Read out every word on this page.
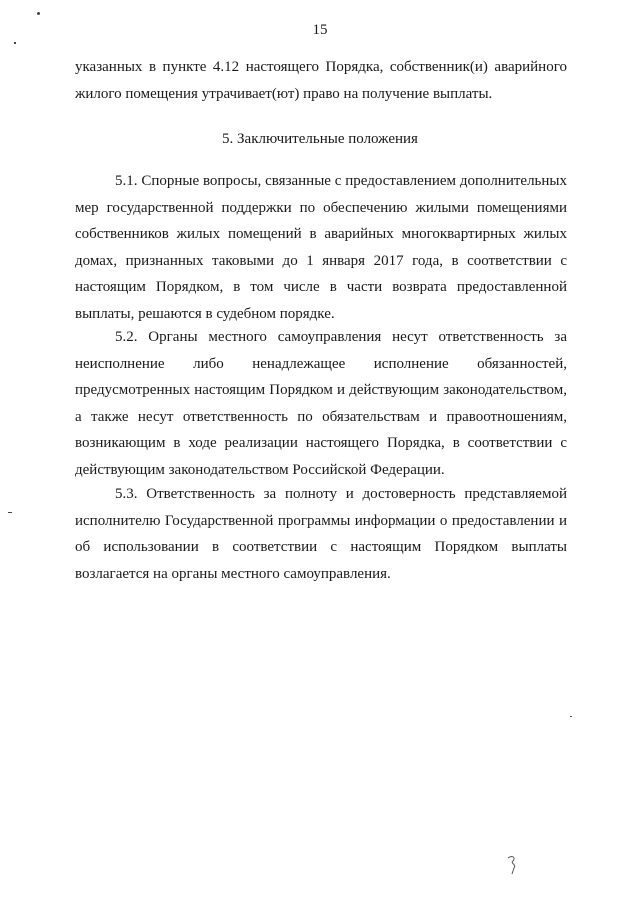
15

указанных в пункте 4.12 настоящего Порядка, собственник(и) аварийного жилого помещения утрачивает(ют) право на получение выплаты.

5. Заключительные положения

5.1. Спорные вопросы, связанные с предоставлением дополнительных мер государственной поддержки по обеспечению жилыми помещениями собственников жилых помещений в аварийных многоквартирных жилых домах, признанных таковыми до 1 января 2017 года, в соответствии с настоящим Порядком, в том числе в части возврата предоставленной выплаты, решаются в судебном порядке.

5.2. Органы местного самоуправления несут ответственность за неисполнение либо ненадлежащее исполнение обязанностей, предусмотренных настоящим Порядком и действующим законодательством, а также несут ответственность по обязательствам и правоотношениям, возникающим в ходе реализации настоящего Порядка, в соответствии с действующим законодательством Российской Федерации.

5.3. Ответственность за полноту и достоверность представляемой исполнителю Государственной программы информации о предоставлении и об использовании в соответствии с настоящим Порядком выплаты возлагается на органы местного самоуправления.
